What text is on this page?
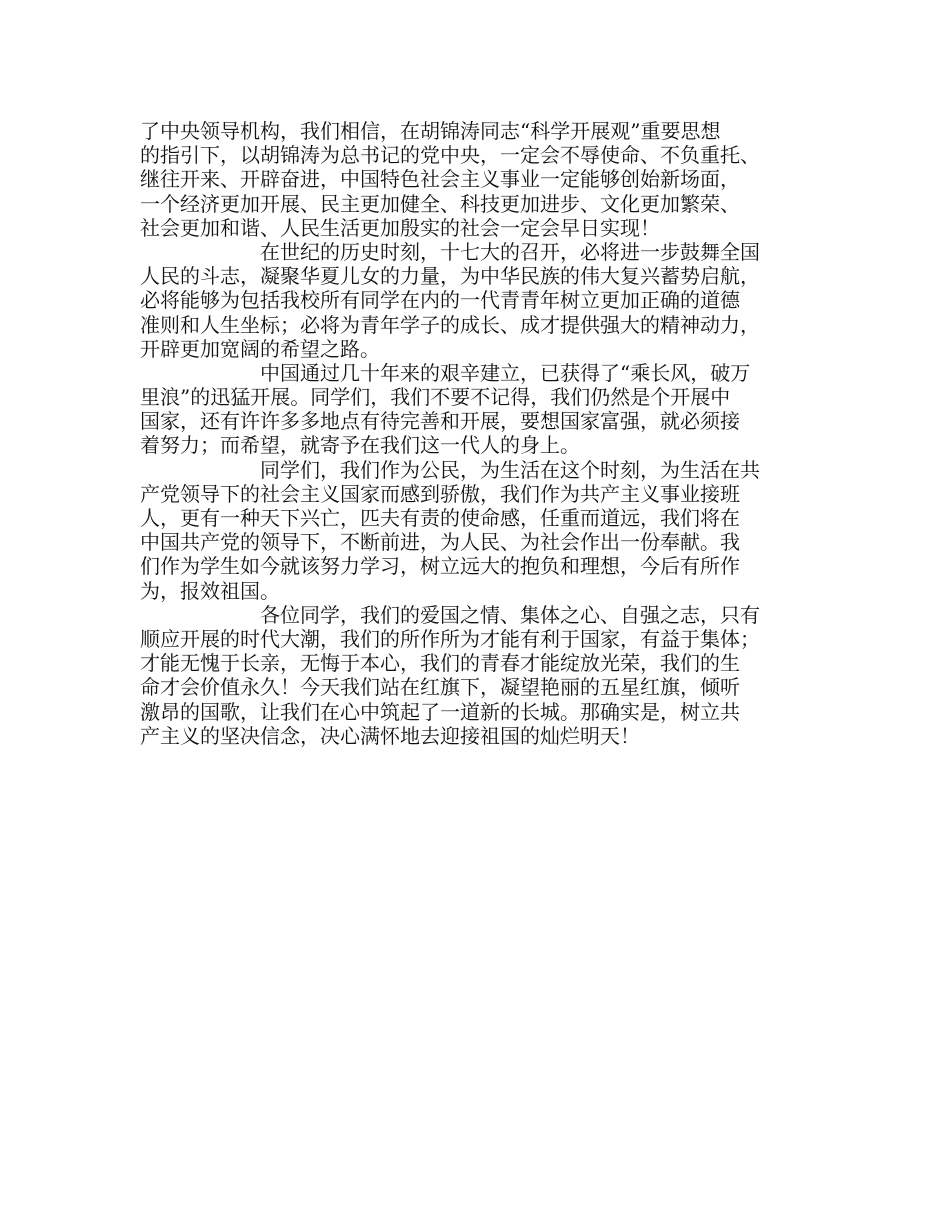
了中央领导机构，我们相信，在胡锦涛同志“科学开展观”重要思想
的指引下，以胡锦涛为总书记的党中央，一定会不辱使命、不负重托、
继往开来、开辟奋进，中国特色社会主义事业一定能够创始新场面，
一个经济更加开展、民主更加健全、科技更加进步、文化更加繁荣、
社会更加和谐、人民生活更加殷实的社会一定会早日实现！
在世纪的历史时刻，十七大的召开，必将进一步鼓舞全国
人民的斗志，凝聚华夏儿女的力量，为中华民族的伟大复兴蓄势启航，
必将能够为包括我校所有同学在内的一代青青年树立更加正确的道德
准则和人生坐标；必将为青年学子的成长、成才提供强大的精神动力，
开辟更加宽阔的希望之路。
中国通过几十年来的艰辛建立，已获得了“乘长风，破万
里浪”的迅猛开展。同学们，我们不要不记得，我们仍然是个开展中
国家，还有许许多多地点有待完善和开展，要想国家富强，就必须接
着努力；而希望，就寄予在我们这一代人的身上。
同学们，我们作为公民，为生活在这个时刻，为生活在共
产党领导下的社会主义国家而感到骄傲，我们作为共产主义事业接班
人，更有一种天下兴亡，匹夫有责的使命感，任重而道远，我们将在
中国共产党的领导下，不断前进，为人民、为社会作出一份奉献。我
们作为学生如今就该努力学习，树立远大的抱负和理想，今后有所作
为，报效祖国。
各位同学，我们的爱国之情、集体之心、自强之志，只有
顺应开展的时代大潮，我们的所作所为才能有利于国家，有益于集体；
才能无愧于长亲，无悔于本心，我们的青春才能绽放光荣，我们的生
命才会价值永久！今天我们站在红旗下，凝望艳丽的五星红旗，倾听
激昂的国歌，让我们在心中筑起了一道新的长城。那确实是，树立共
产主义的坚决信念，决心满怀地去迎接祖国的灿烂明天！
